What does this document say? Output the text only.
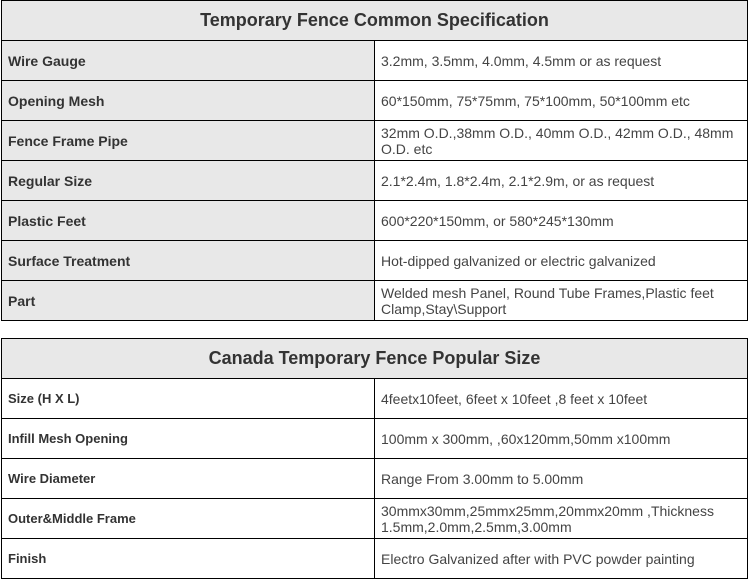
Temporary Fence Common Specification	
Wire Gauge	3.2mm, 3.5mm, 4.0mm, 4.5mm or as request
Opening Mesh	60*150mm, 75*75mm, 75*100mm, 50*100mm etc
Fence Frame Pipe	32mm O.D.,38mm O.D., 40mm O.D., 42mm O.D., 48mm O.D. etc
Regular Size	2.1*2.4m, 1.8*2.4m, 2.1*2.9m, or as request
Plastic Feet	600*220*150mm, or 580*245*130mm
Surface Treatment	Hot-dipped galvanized or electric galvanized
Part	Welded mesh Panel, Round Tube Frames,Plastic feet Clamp,Stay\Support
Canada Temporary Fence Popular Size	
Size (H X L)	4feetx10feet, 6feet x 10feet ,8 feet x 10feet
Infill Mesh Opening	100mm x 300mm, ,60x120mm,50mm x100mm
Wire Diameter	Range From 3.00mm to 5.00mm
Outer&Middle Frame	30mmx30mm,25mmx25mm,20mmx20mm ,Thickness 1.5mm,2.0mm,2.5mm,3.00mm
Finish	Electro Galvanized after with PVC powder painting
